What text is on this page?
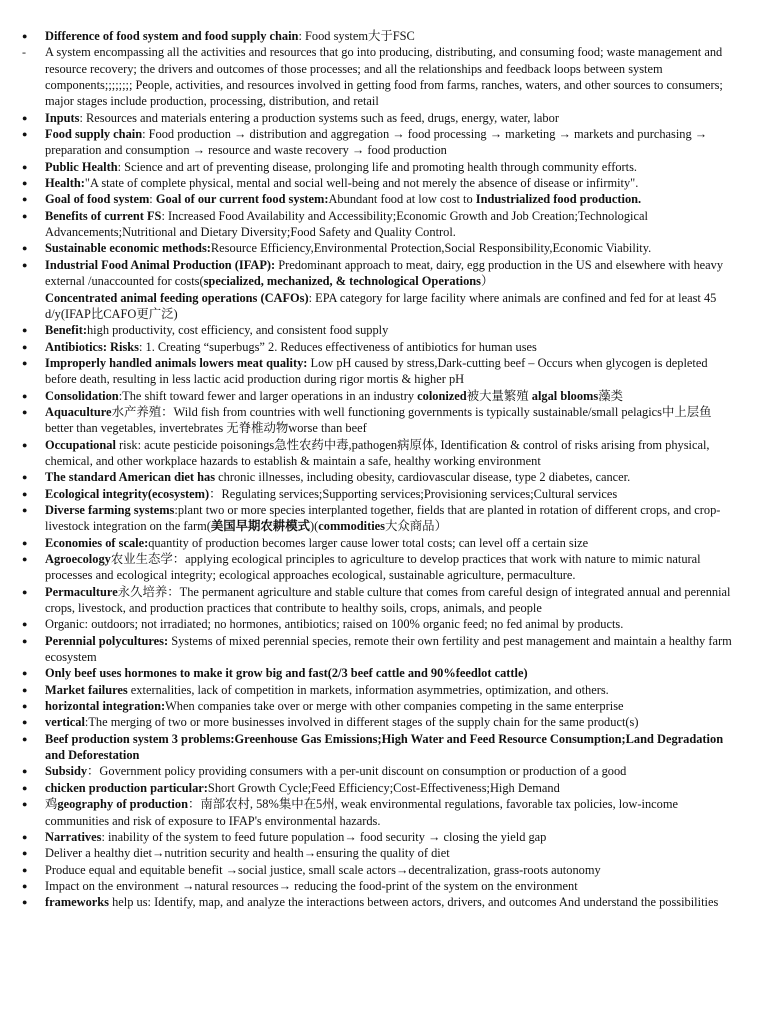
●
Difference of food system and food supply chain: Food system大于FSC
-
A system encompassing all the activities and resources that go into producing, distributing, and consuming food; waste management and resource recovery; the drivers and outcomes of those processes; and all the relationships and feedback loops between system components;;;;;;;; People, activities, and resources involved in getting food from farms, ranches, waters, and other sources to consumers; major stages include production, processing, distribution, and retail
●
Inputs: Resources and materials entering a production systems such as feed, drugs, energy, water, labor
●
Food supply chain: Food production → distribution and aggregation → food processing → marketing → markets and purchasing → preparation and consumption → resource and waste recovery → food production
●
Public Health: Science and art of preventing disease, prolonging life and promoting health through community efforts.
●
Health:"A state of complete physical, mental and social well-being and not merely the absence of disease or infirmity".
●
Goal of food system: Goal of our current food system:Abundant food at low cost to Industrialized food production.
●
Benefits of current FS: Increased Food Availability and Accessibility;Economic Growth and Job Creation;Technological Advancements;Nutritional and Dietary Diversity;Food Safety and Quality Control.
●
Sustainable economic methods:Resource Efficiency,Environmental Protection,Social Responsibility,Economic Viability.
●
Industrial Food Animal Production (IFAP): Predominant approach to meat, dairy, egg production in the US and elsewhere with heavy external /unaccounted for costs(specialized, mechanized, & technological Operations）
Concentrated animal feeding operations (CAFOs): EPA category for large facility where animals are confined and fed for at least 45 d/y(IFAP比CAFO更广泛)
●
Benefit:high productivity, cost efficiency, and consistent food supply
●
Antibiotics: Risks: 1. Creating “superbugs” 2. Reduces effectiveness of antibiotics for human uses
●
Improperly handled animals lowers meat quality: Low pH caused by stress,Dark-cutting beef – Occurs when glycogen is depleted before death, resulting in less lactic acid production during rigor mortis & higher pH
●
Consolidation:The shift toward fewer and larger operations in an industry colonized被大量繁殖 algal blooms藻类
●
Aquaculture水产养殖：Wild fish from countries with well functioning governments is typically sustainable/small pelagics中上层鱼 better than vegetables, invertebrates 无脊椎动物worse than beef
●
Occupational risk: acute pesticide poisonings急性农药中毒,pathogen病原体, Identification & control of risks arising from physical, chemical, and other workplace hazards to establish & maintain a safe, healthy working environment
●
The standard American diet has chronic illnesses, including obesity, cardiovascular disease, type 2 diabetes, cancer.
●
Ecological integrity(ecosystem)：Regulating services;Supporting services;Provisioning services;Cultural services
●
Diverse farming systems:plant two or more species interplanted together, fields that are planted in rotation of different crops, and crop-livestock integration on the farm(美国早期农耕模式)(commodities大众商品）
●
Economies of scale:quantity of production becomes larger cause lower total costs; can level off a certain size
●
Agroecology农业生态学：applying ecological principles to agriculture to develop practices that work with nature to mimic natural processes and ecological integrity; ecological approaches ecological, sustainable agriculture, permaculture.
●
Permaculture永久培养：The permanent agriculture and stable culture that comes from careful design of integrated annual and perennial crops, livestock, and production practices that contribute to healthy soils, crops, animals, and people
●
Organic: outdoors; not irradiated; no hormones, antibiotics; raised on 100% organic feed; no fed animal by products.
●
Perennial polycultures: Systems of mixed perennial species, remote their own fertility and pest management and maintain a healthy farm ecosystem
●
Only beef uses hormones to make it grow big and fast(2/3 beef cattle and 90%feedlot cattle)
●
Market failures externalities, lack of competition in markets, information asymmetries, optimization, and others.
●
horizontal integration:When companies take over or merge with other companies competing in the same enterprise
●
vertical:The merging of two or more businesses involved in different stages of the supply chain for the same product(s)
●
Beef production system 3 problems:Greenhouse Gas Emissions;High Water and Feed Resource Consumption;Land Degradation and Deforestation
●
Subsidy：Government policy providing consumers with a per-unit discount on consumption or production of a good
●
chicken production particular:Short Growth Cycle;Feed Efficiency;Cost-Effectiveness;High Demand
●
鸡geography of production：南部农村, 58%集中在5州, weak environmental regulations, favorable tax policies, low-income communities and risk of exposure to IFAP's environmental hazards.
●
Narratives: inability of the system to feed future population→ food security → closing the yield gap
●
Deliver a healthy diet→nutrition security and health→ensuring the quality of diet
●
Produce equal and equitable benefit →social justice, small scale actors→decentralization, grass-roots autonomy
●
Impact on the environment →natural resources→ reducing the food-print of the system on the environment
●
frameworks help us: Identify, map, and analyze the interactions between actors, drivers, and outcomes And understand the possibilities
